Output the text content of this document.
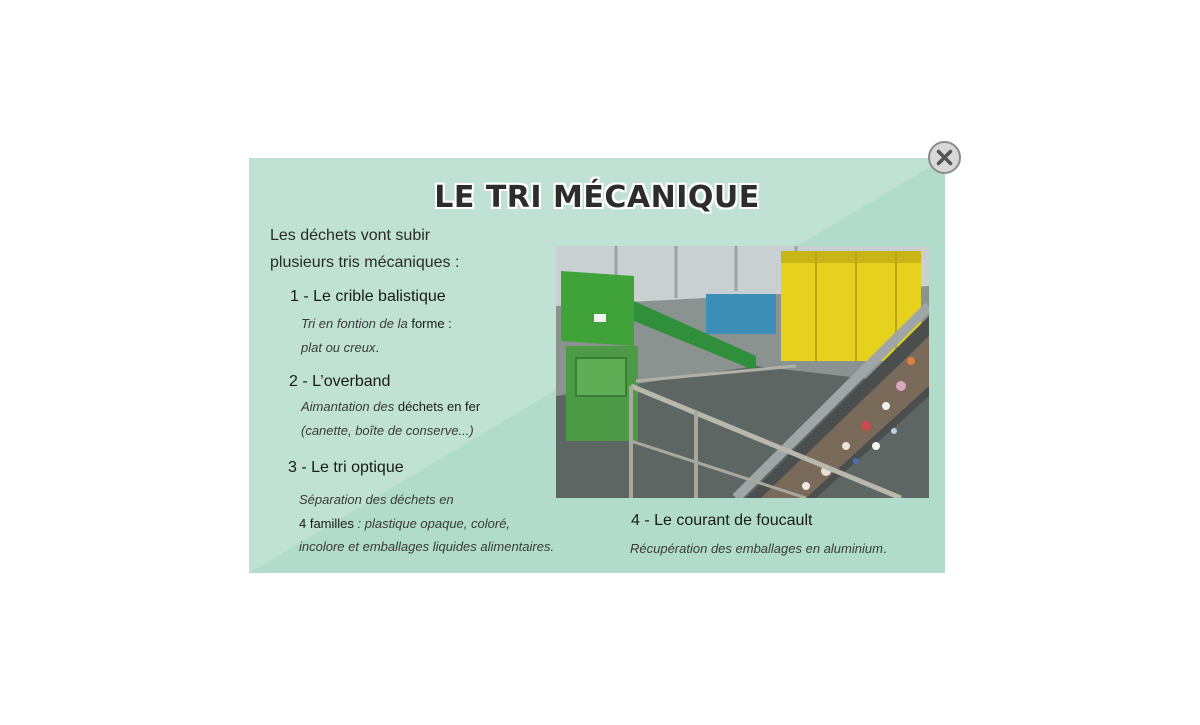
LE TRI MÉCANIQUE
Les déchets vont subir
plusieurs tris mécaniques :
1 - Le crible balistique
Tri en fontion de la forme :
plat ou creux.
2 - L’overband
Aimantation des déchets en fer
(canette, boîte de conserve...)
3 - Le tri optique
Séparation des déchets en
4 familles : plastique opaque, coloré,
incolore et emballages liquides alimentaires.
4 - Le courant de foucault
Récupération des emballages en aluminium.
